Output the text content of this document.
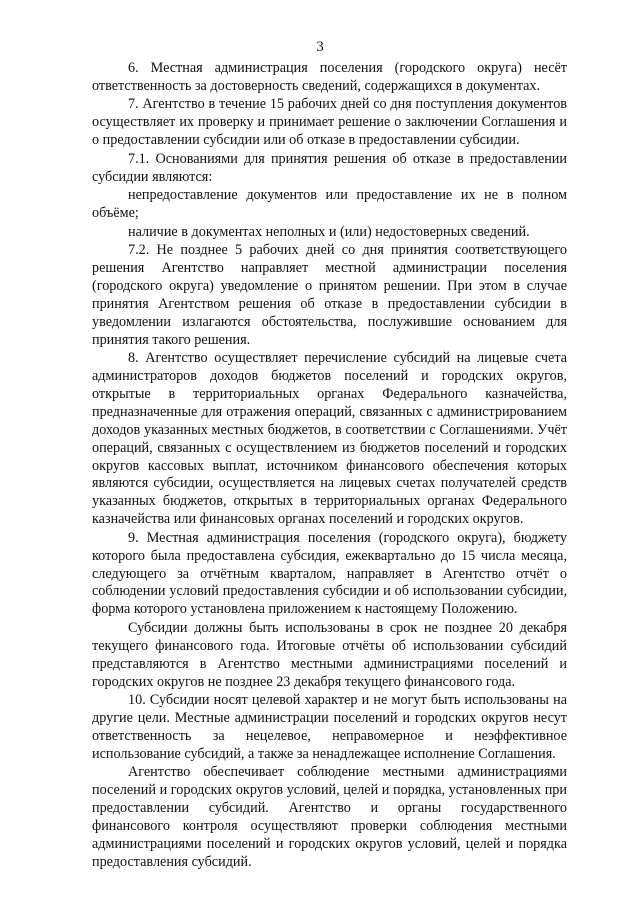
3

6. Местная администрация поселения (городского округа) несёт ответственность за достоверность сведений, содержащихся в документах.

7. Агентство в течение 15 рабочих дней со дня поступления документов осуществляет их проверку и принимает решение о заключении Соглашения и о предоставлении субсидии или об отказе в предоставлении субсидии.

7.1. Основаниями для принятия решения об отказе в предоставлении субсидии являются:

непредоставление документов или предоставление их не в полном объёме;

наличие в документах неполных и (или) недостоверных сведений.

7.2. Не позднее 5 рабочих дней со дня принятия соответствующего решения Агентство направляет местной администрации поселения (городского округа) уведомление о принятом решении. При этом в случае принятия Агентством решения об отказе в предоставлении субсидии в уведомлении излагаются обстоятельства, послужившие основанием для принятия такого решения.

8. Агентство осуществляет перечисление субсидий на лицевые счета администраторов доходов бюджетов поселений и городских округов, открытые в территориальных органах Федерального казначейства, предназначенные для отражения операций, связанных с администрированием доходов указанных местных бюджетов, в соответствии с Соглашениями. Учёт операций, связанных с осуществлением из бюджетов поселений и городских округов кассовых выплат, источником финансового обеспечения которых являются субсидии, осуществляется на лицевых счетах получателей средств указанных бюджетов, открытых в территориальных органах Федерального казначейства или финансовых органах поселений и городских округов.

9. Местная администрация поселения (городского округа), бюджету которого была предоставлена субсидия, ежеквартально до 15 числа месяца, следующего за отчётным кварталом, направляет в Агентство отчёт о соблюдении условий предоставления субсидии и об использовании субсидии, форма которого установлена приложением к настоящему Положению.

Субсидии должны быть использованы в срок не позднее 20 декабря текущего финансового года. Итоговые отчёты об использовании субсидий представляются в Агентство местными администрациями поселений и городских округов не позднее 23 декабря текущего финансового года.

10. Субсидии носят целевой характер и не могут быть использованы на другие цели. Местные администрации поселений и городских округов несут ответственность за нецелевое, неправомерное и неэффективное использование субсидий, а также за ненадлежащее исполнение Соглашения.

Агентство обеспечивает соблюдение местными администрациями поселений и городских округов условий, целей и порядка, установленных при предоставлении субсидий. Агентство и органы государственного финансового контроля осуществляют проверки соблюдения местными администрациями поселений и городских округов условий, целей и порядка предоставления субсидий.
